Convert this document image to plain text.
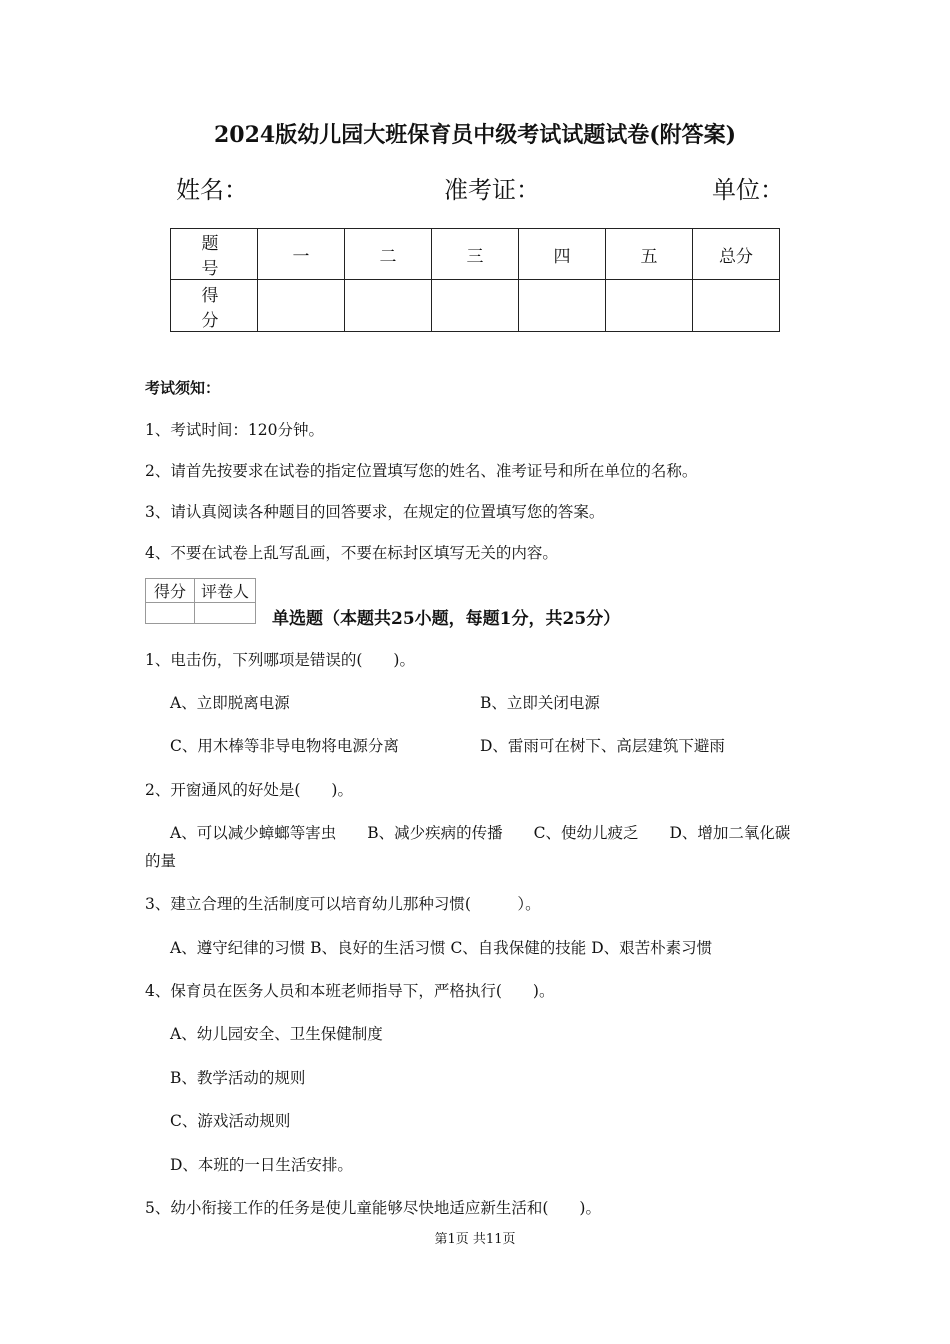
2024版幼儿园大班保育员中级考试试题试卷(附答案)
姓名：	准考证：	单位：
题 号	一	二	三	四	五	总分
得 分						
考试须知：
1、考试时间：120分钟。
2、请首先按要求在试卷的指定位置填写您的姓名、准考证号和所在单位的名称。
3、请认真阅读各种题目的回答要求，在规定的位置填写您的答案。
4、不要在试卷上乱写乱画，不要在标封区填写无关的内容。
得分	评卷人

单选题（本题共25小题，每题1分，共25分）
1、电击伤，下列哪项是错误的(　　)。
A、立即脱离电源	B、立即关闭电源
C、用木棒等非导电物将电源分离	D、雷雨可在树下、高层建筑下避雨
2、开窗通风的好处是(　　)。
A、可以减少蟑螂等害虫　　B、减少疾病的传播　　C、使幼儿疲乏　　D、增加二氧化碳
的量
3、建立合理的生活制度可以培育幼儿那种习惯(　　　）。
A、遵守纪律的习惯 B、良好的生活习惯 C、自我保健的技能 D、艰苦朴素习惯
4、保育员在医务人员和本班老师指导下，严格执行(　　)。
A、幼儿园安全、卫生保健制度
B、教学活动的规则
C、游戏活动规则
D、本班的一日生活安排。
5、幼小衔接工作的任务是使儿童能够尽快地适应新生活和(　　)。
第1页 共11页
